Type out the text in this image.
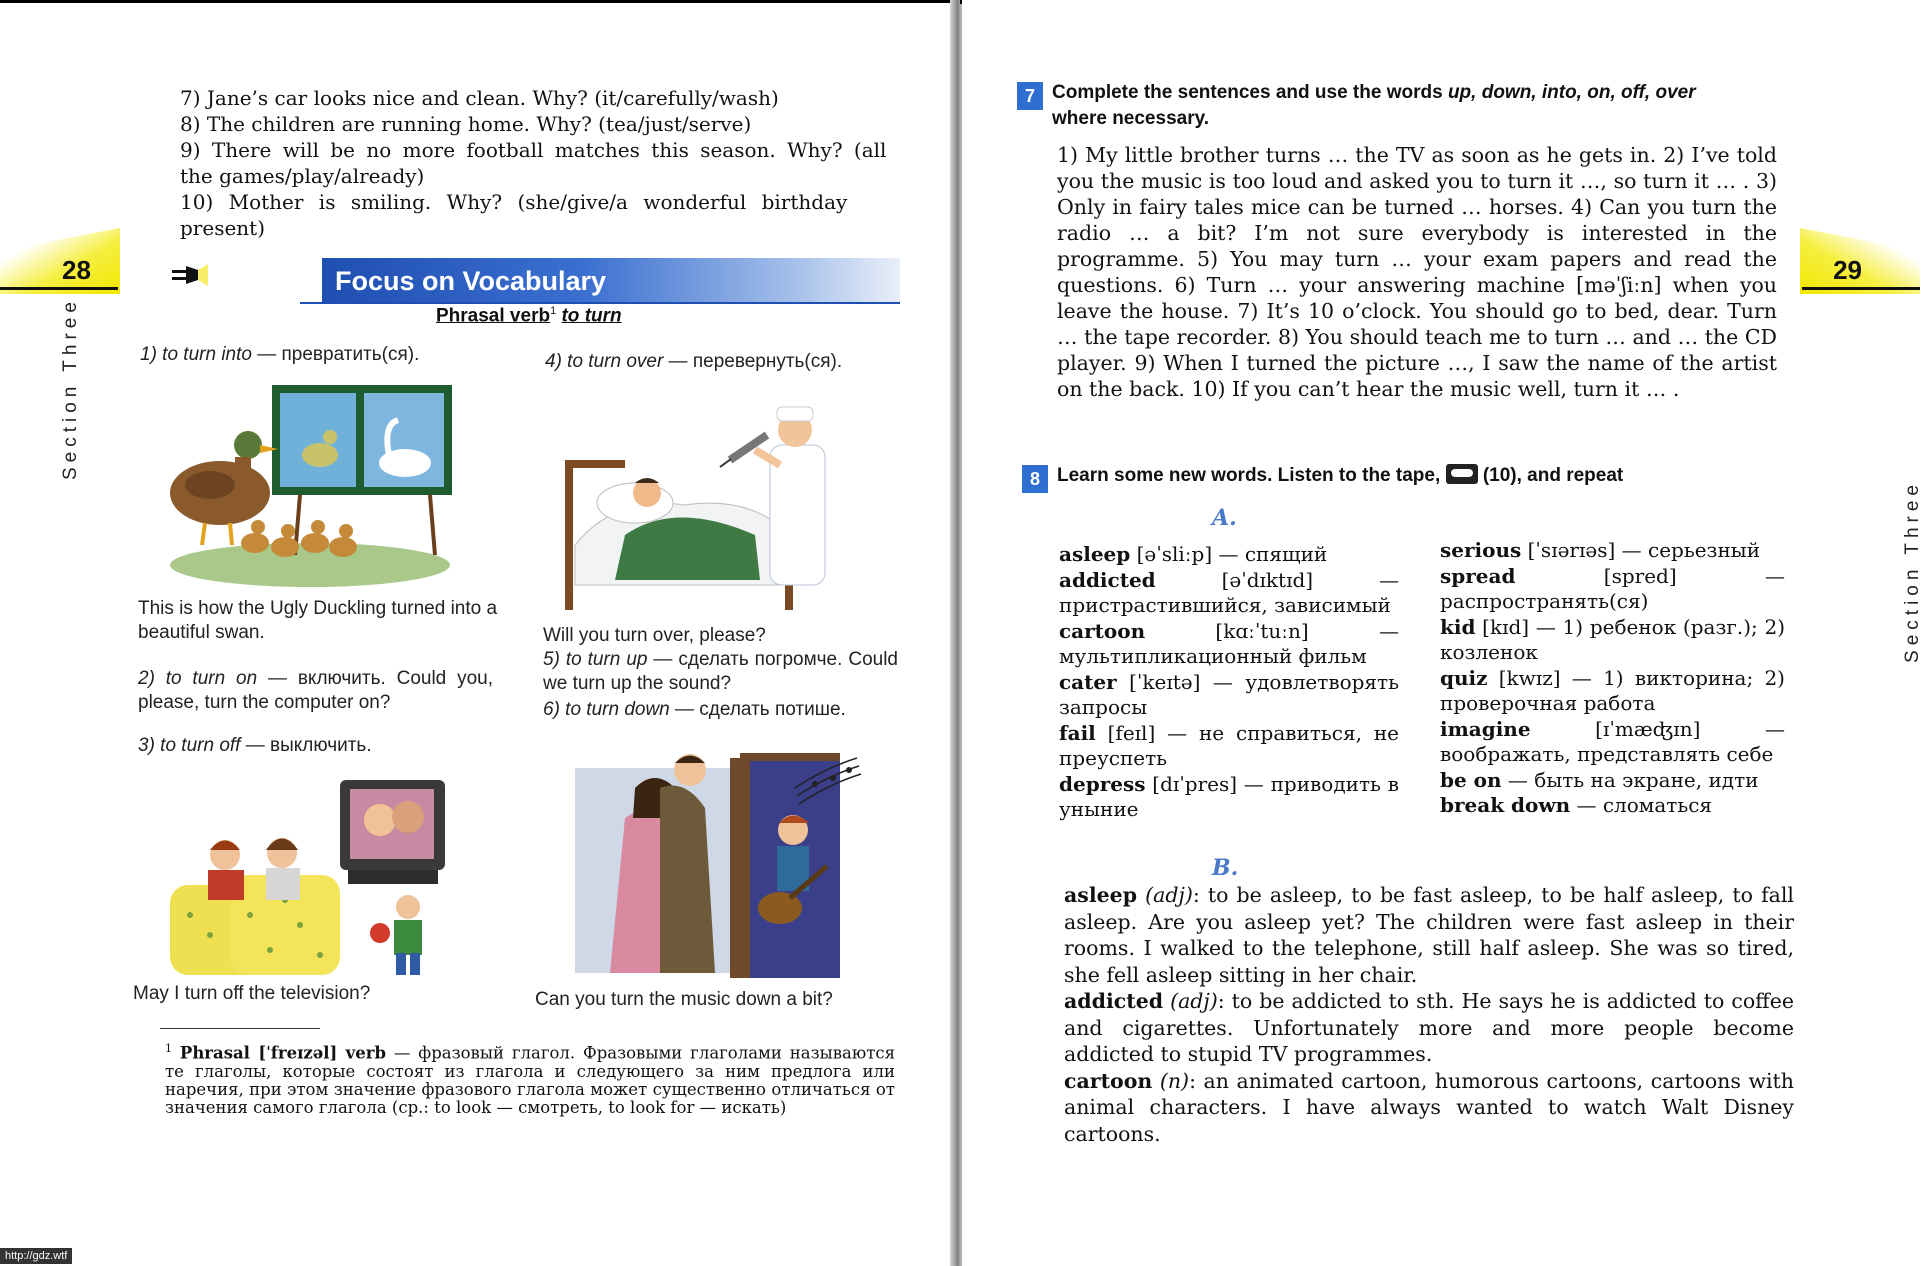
28
Section Three
7) Jane’s car looks nice and clean. Why? (it/carefully/wash)
8) The children are running home. Why? (tea/just/serve)
9) There will be no more football matches this season. Why? (all
the games/play/already)
10) Mother is smiling. Why? (she/give/a wonderful birthday
present)
Focus on Vocabulary
Phrasal verb$^1$ to turn
1) to turn into — превратить(ся).	4) to turn over — перевернуть(ся).
This is how the Ugly Duckling turned into a beautiful swan.
2) to turn on — включить. Could you, please, turn the computer on?
3) to turn off — выключить.
Will you turn over, please?
5) to turn up — сделать погромче. Could we turn up the sound?
6) to turn down — сделать потише.
May I turn off the television?	Can you turn the music down a bit?
$^1$ Phrasal [ˈfreɪzəl] verb — фразовый глагол. Фразовыми глаголами называются те глаголы, которые состоят из глагола и следующего за ним предлога или наречия, при этом значение фразового глагола может существенно отличаться от значения самого глагола (ср.: to look — смотреть, to look for — искать)
http://gdz.wtf
29
Section Three
7 Complete the sentences and use the words up, down, into, on, off, over
where necessary.
1) My little brother turns … the TV as soon as he gets in. 2) I’ve told you the music is too loud and asked you to turn it …, so turn it … . 3) Only in fairy tales mice can be turned … horses. 4) Can you turn the radio … a bit? I’m not sure everybody is interested in the programme. 5) You may turn … your exam papers and read the questions. 6) Turn … your answering machine [məˈʃiːn] when you leave the house. 7) It’s 10 o’clock. You should go to bed, dear. Turn … the tape recorder. 8) You should teach me to turn … and … the CD player. 9) When I turned the picture …, I saw the name of the artist on the back. 10) If you can’t hear the music well, turn it … .
8 Learn some new words. Listen to the tape, (10), and repeat
A.
asleep [əˈsliːp] — спящий
addicted [əˈdɪktɪd] — пристрастившийся, зависимый
cartoon [kɑːˈtuːn] — мультипликационный фильм
cater [ˈkeɪtə] — удовлетворять запросы
fail [feɪl] — не справиться, не преуспеть
depress [dɪˈpres] — приводить в уныние
serious [ˈsɪərɪəs] — серьезный
spread [spred] — распространять(ся)
kid [kɪd] — 1) ребенок (разг.); 2) козленок
quiz [kwɪz] — 1) викторина; 2) проверочная работа
imagine [ɪˈmæʤɪn] — воображать, представлять себе
be on — быть на экране, идти
break down — сломаться
B.
asleep (adj): to be asleep, to be fast asleep, to be half asleep, to fall asleep. Are you asleep yet? The children were fast asleep in their rooms. I walked to the telephone, still half asleep. She was so tired, she fell asleep sitting in her chair.
addicted (adj): to be addicted to sth. He says he is addicted to coffee and cigarettes. Unfortunately more and more people become addicted to stupid TV programmes.
cartoon (n): an animated cartoon, humorous cartoons, cartoons with animal characters. I have always wanted to watch Walt Disney cartoons.
